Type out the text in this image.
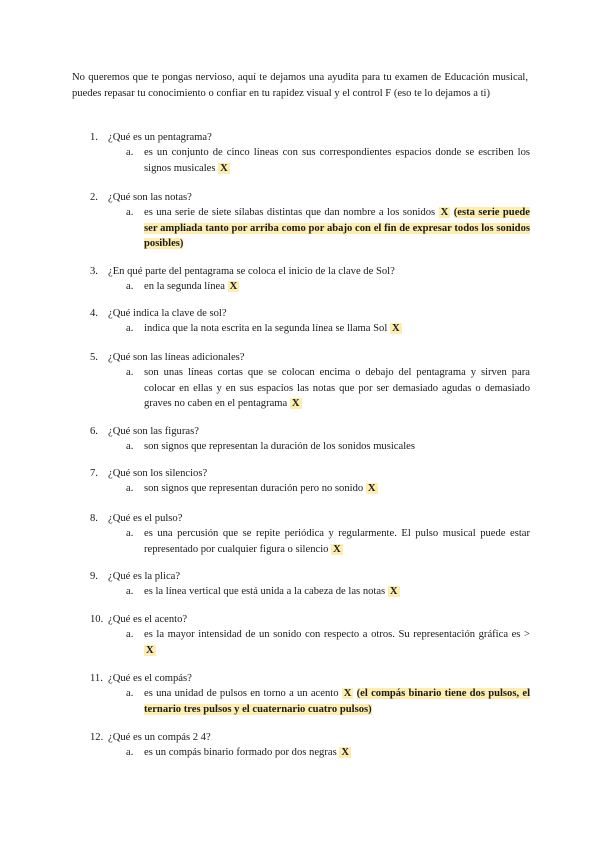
No queremos que te pongas nervioso, aquí te dejamos una ayudita para tu examen de Educación musical, puedes repasar tu conocimiento o confiar en tu rapidez visual y el control F (eso te lo dejamos a ti)

1. ¿Qué es un pentagrama?
a. es un conjunto de cinco líneas con sus correspondientes espacios donde se escriben los signos musicales X
2. ¿Qué son las notas?
a. es una serie de siete sílabas distintas que dan nombre a los sonidos X (esta serie puede ser ampliada tanto por arriba como por abajo con el fin de expresar todos los sonidos posibles)
3. ¿En qué parte del pentagrama se coloca el inicio de la clave de Sol?
a. en la segunda línea X
4. ¿Qué indica la clave de sol?
a. indica que la nota escrita en la segunda línea se llama Sol X
5. ¿Qué son las líneas adicionales?
a. son unas líneas cortas que se colocan encima o debajo del pentagrama y sirven para colocar en ellas y en sus espacios las notas que por ser demasiado agudas o demasiado graves no caben en el pentagrama X
6. ¿Qué son las figuras?
a. son signos que representan la duración de los sonidos musicales
7. ¿Qué son los silencios?
a. son signos que representan duración pero no sonido X
8. ¿Qué es el pulso?
a. es una percusión que se repite periódica y regularmente. El pulso musical puede estar representado por cualquier figura o silencio X
9. ¿Qué es la plica?
a. es la línea vertical que está unida a la cabeza de las notas X
10. ¿Qué es el acento?
a. es la mayor intensidad de un sonido con respecto a otros. Su representación gráfica es > X
11. ¿Qué es el compás?
a. es una unidad de pulsos en torno a un acento X (el compás binario tiene dos pulsos, el ternario tres pulsos y el cuaternario cuatro pulsos)
12. ¿Qué es un compás 2 4?
a. es un compás binario formado por dos negras X
